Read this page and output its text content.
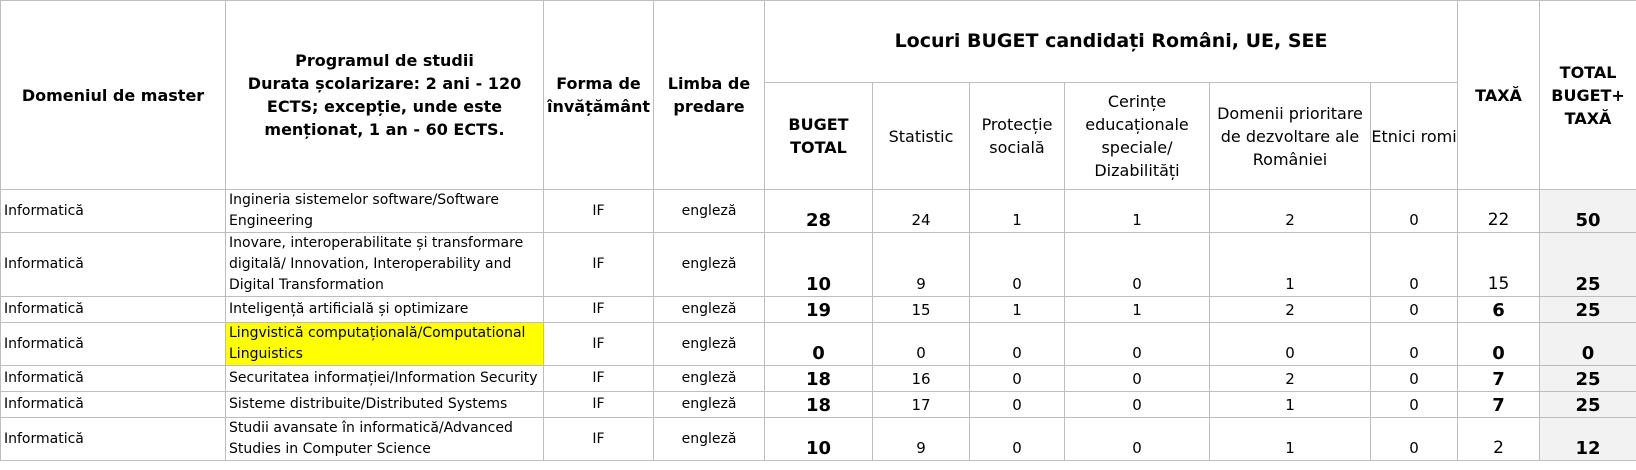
Domeniul de master	Programul de studii
Durata școlarizare: 2 ani - 120 ECTS; excepție, unde este menționat, 1 an - 60 ECTS.	Forma de învățământ	Limba de predare	Locuri BUGET candidați Români, UE, SEE						TAXĂ	TOTAL BUGET+ TAXĂ
				BUGET TOTAL	Statistic	Protecție socială	Cerințe educaționale speciale/ Dizabilități	Domenii prioritare de dezvoltare ale României	Etnici romi		
Informatică	Ingineria sistemelor software/Software Engineering	IF	engleză	28	24	1	1	2	0	22	50
Informatică	Inovare, interoperabilitate și transformare digitală/ Innovation, Interoperability and Digital Transformation	IF	engleză	10	9	0	0	1	0	15	25
Informatică	Inteligență artificială și optimizare	IF	engleză	19	15	1	1	2	0	6	25
Informatică	Lingvistică computațională/Computational Linguistics	IF	engleză	0	0	0	0	0	0	0	0
Informatică	Securitatea informației/Information Security	IF	engleză	18	16	0	0	2	0	7	25
Informatică	Sisteme distribuite/Distributed Systems	IF	engleză	18	17	0	0	1	0	7	25
Informatică	Studii avansate în informatică/Advanced Studies in Computer Science	IF	engleză	10	9	0	0	1	0	2	12
